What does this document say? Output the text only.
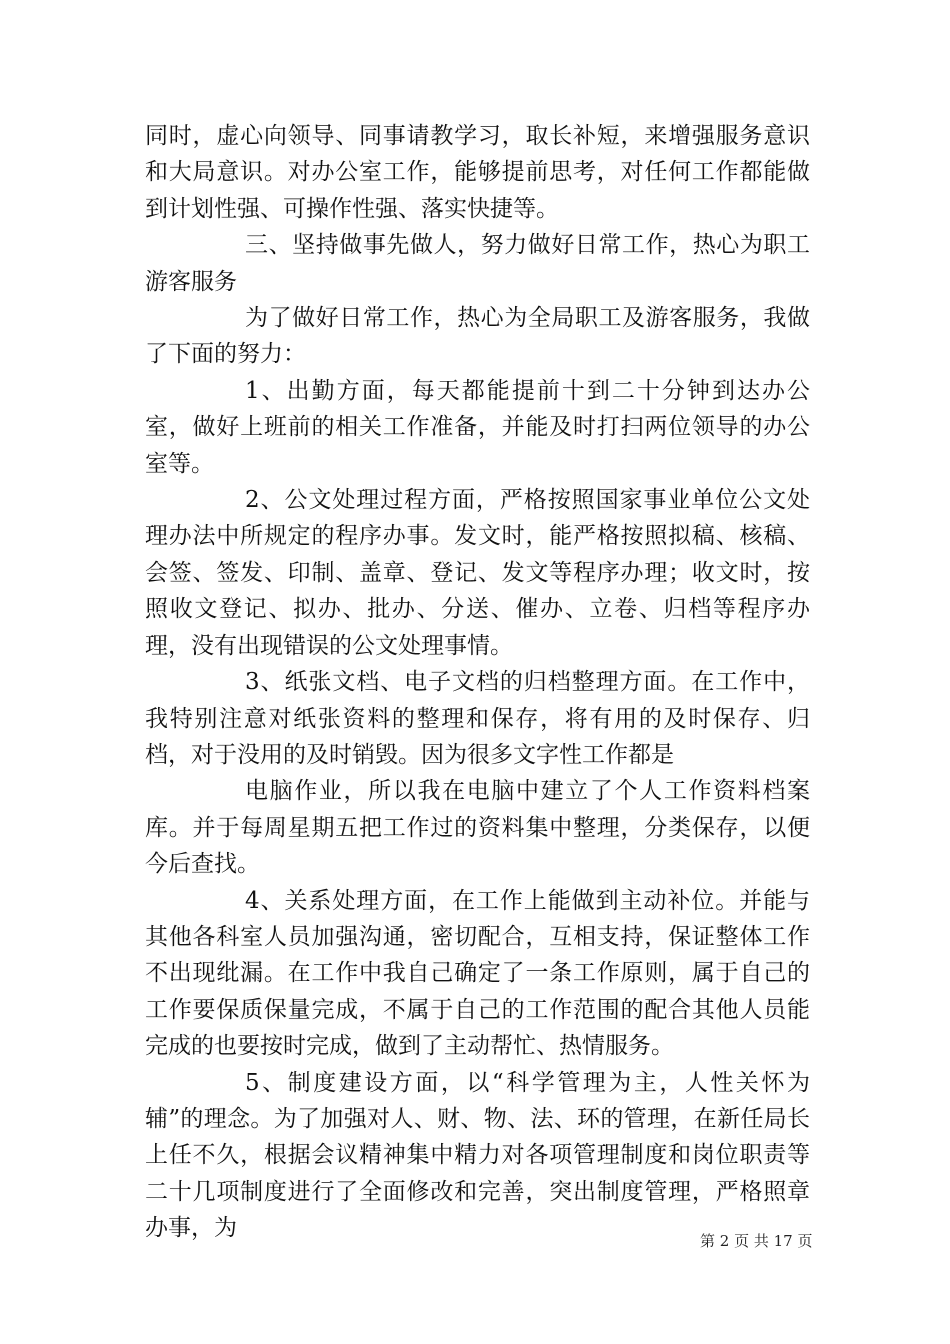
同时，虚心向领导、同事请教学习，取长补短，来增强服务意识和大局意识。对办公室工作，能够提前思考，对任何工作都能做到计划性强、可操作性强、落实快捷等。

三、坚持做事先做人，努力做好日常工作，热心为职工游客服务

为了做好日常工作，热心为全局职工及游客服务，我做了下面的努力：

1、出勤方面，每天都能提前十到二十分钟到达办公室，做好上班前的相关工作准备，并能及时打扫两位领导的办公室等。

2、公文处理过程方面，严格按照国家事业单位公文处理办法中所规定的程序办事。发文时，能严格按照拟稿、核稿、会签、签发、印制、盖章、登记、发文等程序办理；收文时，按照收文登记、拟办、批办、分送、催办、立卷、归档等程序办理，没有出现错误的公文处理事情。

3、纸张文档、电子文档的归档整理方面。在工作中，我特别注意对纸张资料的整理和保存，将有用的及时保存、归档，对于没用的及时销毁。因为很多文字性工作都是

电脑作业，所以我在电脑中建立了个人工作资料档案库。并于每周星期五把工作过的资料集中整理，分类保存，以便今后查找。

4、关系处理方面，在工作上能做到主动补位。并能与其他各科室人员加强沟通，密切配合，互相支持，保证整体工作不出现纰漏。在工作中我自己确定了一条工作原则，属于自己的工作要保质保量完成，不属于自己的工作范围的配合其他人员能完成的也要按时完成，做到了主动帮忙、热情服务。

5、制度建设方面，以“科学管理为主，人性关怀为辅”的理念。为了加强对人、财、物、法、环的管理，在新任局长上任不久，根据会议精神集中精力对各项管理制度和岗位职责等二十几项制度进行了全面修改和完善，突出制度管理，严格照章办事，为	第 2 页 共 17 页
